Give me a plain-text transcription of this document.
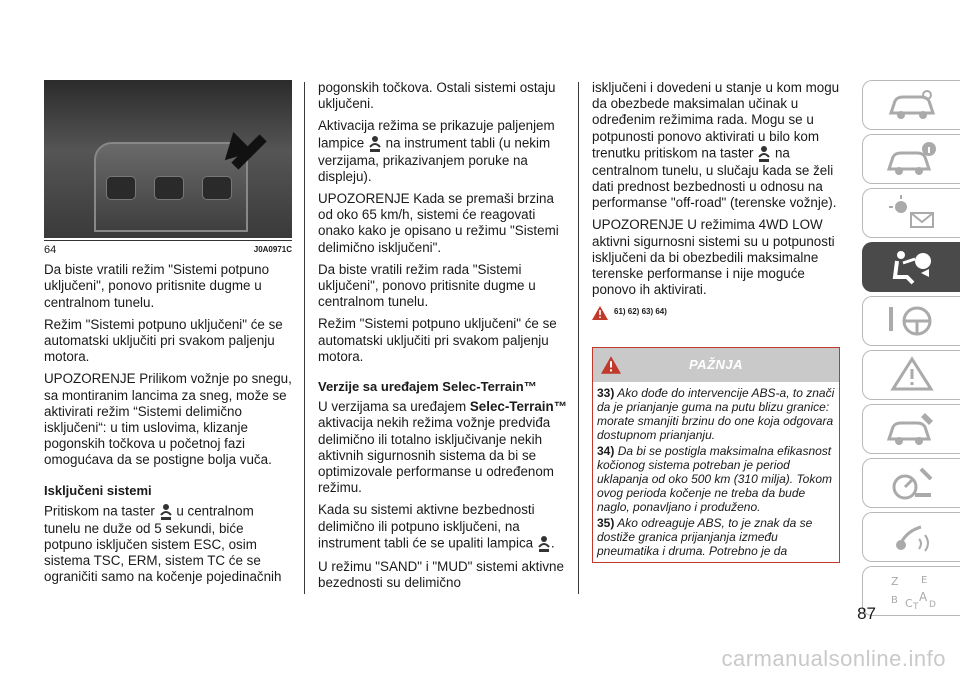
64	J0A0971C

Da biste vratili režim "Sistemi potpuno uključeni", ponovo pritisnite dugme u centralnom tunelu.

Režim "Sistemi potpuno uključeni" će se automatski uključiti pri svakom paljenju motora.

UPOZORENJE Prilikom vožnje po snegu, sa montiranim lancima za sneg, može se aktivirati režim “Sistemi delimično isključeni“: u tim uslovima, klizanje pogonskih točkova u početnoj fazi omogućava da se postigne bolja vuča.

Isključeni sistemi

Pritiskom na taster u centralnom tunelu ne duže od 5 sekundi, biće potpuno isključen sistem ESC, osim sistema TSC, ERM, sistem TC će se ograničiti samo na kočenje pojedinačnih

pogonskih točkova. Ostali sistemi ostaju uključeni.

Aktivacija režima se prikazuje paljenjem lampice na instrument tabli (u nekim verzijama, prikazivanjem poruke na displeju).

UPOZORENJE Kada se premaši brzina od oko 65 km/h, sistemi će reagovati onako kako je opisano u režimu "Sistemi delimično isključeni".

Da biste vratili režim rada "Sistemi uključeni", ponovo pritisnite dugme u centralnom tunelu.

Režim "Sistemi potpuno uključeni" će se automatski uključiti pri svakom paljenju motora.

Verzije sa uređajem Selec-Terrain™

U verzijama sa uređajem Selec-Terrain™ aktivacija nekih režima vožnje predviđa delimično ili totalno isključivanje nekih aktivnih sigurnosnih sistema da bi se optimizovale performanse u određenom režimu.

Kada su sistemi aktivne bezbednosti delimično ili potpuno isključeni, na instrument tabli će se upaliti lampica .

U režimu "SAND" i "MUD" sistemi aktivne bezednosti su delimično

isključeni i dovedeni u stanje u kom mogu da obezbede maksimalan učinak u određenim režimima rada. Mogu se u potpunosti ponovo aktivirati u bilo kom trenutku pritiskom na taster na centralnom tunelu, u slučaju kada se želi dati prednost bezbednosti u odnosu na performanse "off-road" (terenske vožnje).

UPOZORENJE U režimima 4WD LOW aktivni sigurnosni sistemi su u potpunosti isključeni da bi obezbedili maksimalne terenske performanse i nije moguće ponovo ih aktivirati.

61) 62) 63) 64)
PAŽNJA

33) Ako dođe do intervencije ABS-a, to znači da je prianjanje guma na putu blizu granice: morate smanjiti brzinu do one koja odgovara dostupnom prianjanju.

34) Da bi se postigla maksimalna efikasnost kočionog sistema potreban je period uklapanja od oko 500 km (310 milja). Tokom ovog perioda kočenje ne treba da bude naglo, ponavljano i produženo.

35) Ako odreaguje ABS, to je znak da se dostiže granica prijanjanja između pneumatika i druma. Potrebno je da

Z E
B C A
D
T
87
carmanualsonline.info
